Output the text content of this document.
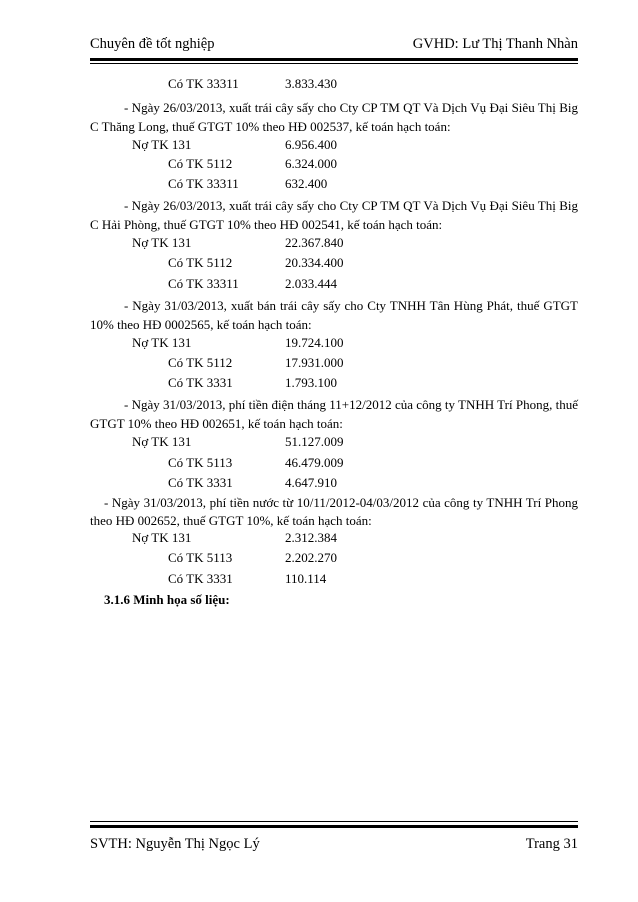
Chuyên đề tốt nghiệp	GVHD: Lư Thị Thanh Nhàn
Có TK 33311	3.833.430
- Ngày 26/03/2013, xuất trái cây sấy cho Cty CP TM QT Và Dịch Vụ Đại Siêu Thị Big C Thăng Long, thuế GTGT 10% theo HĐ 002537, kế toán hạch toán:
Nợ TK 131	6.956.400
Có TK 5112	6.324.000
Có TK 33311	632.400
- Ngày 26/03/2013, xuất trái cây sấy cho Cty CP TM QT Và Dịch Vụ Đại Siêu Thị Big C Hải Phòng, thuế GTGT 10% theo HĐ 002541, kế toán hạch toán:
Nợ TK 131	22.367.840
Có TK 5112	20.334.400
Có TK 33311	2.033.444
- Ngày 31/03/2013, xuất bán trái cây sấy cho Cty TNHH Tân Hùng Phát, thuế GTGT 10% theo HĐ 0002565, kế toán hạch toán:
Nợ TK 131	19.724.100
Có TK 5112	17.931.000
Có TK 3331	1.793.100
- Ngày 31/03/2013, phí tiền điện tháng 11+12/2012 của công ty TNHH Trí Phong, thuế GTGT 10% theo HĐ 002651, kế toán hạch toán:
Nợ TK 131	51.127.009
Có TK 5113	46.479.009
Có TK 3331	4.647.910
- Ngày 31/03/2013, phí tiền nước từ 10/11/2012-04/03/2012 của công ty TNHH Trí Phong theo HĐ 002652, thuế GTGT 10%, kế toán hạch toán:
Nợ TK 131	2.312.384
Có TK 5113	2.202.270
Có TK 3331	110.114
3.1.6 Minh họa số liệu:
SVTH: Nguyễn Thị Ngọc Lý	Trang 31
